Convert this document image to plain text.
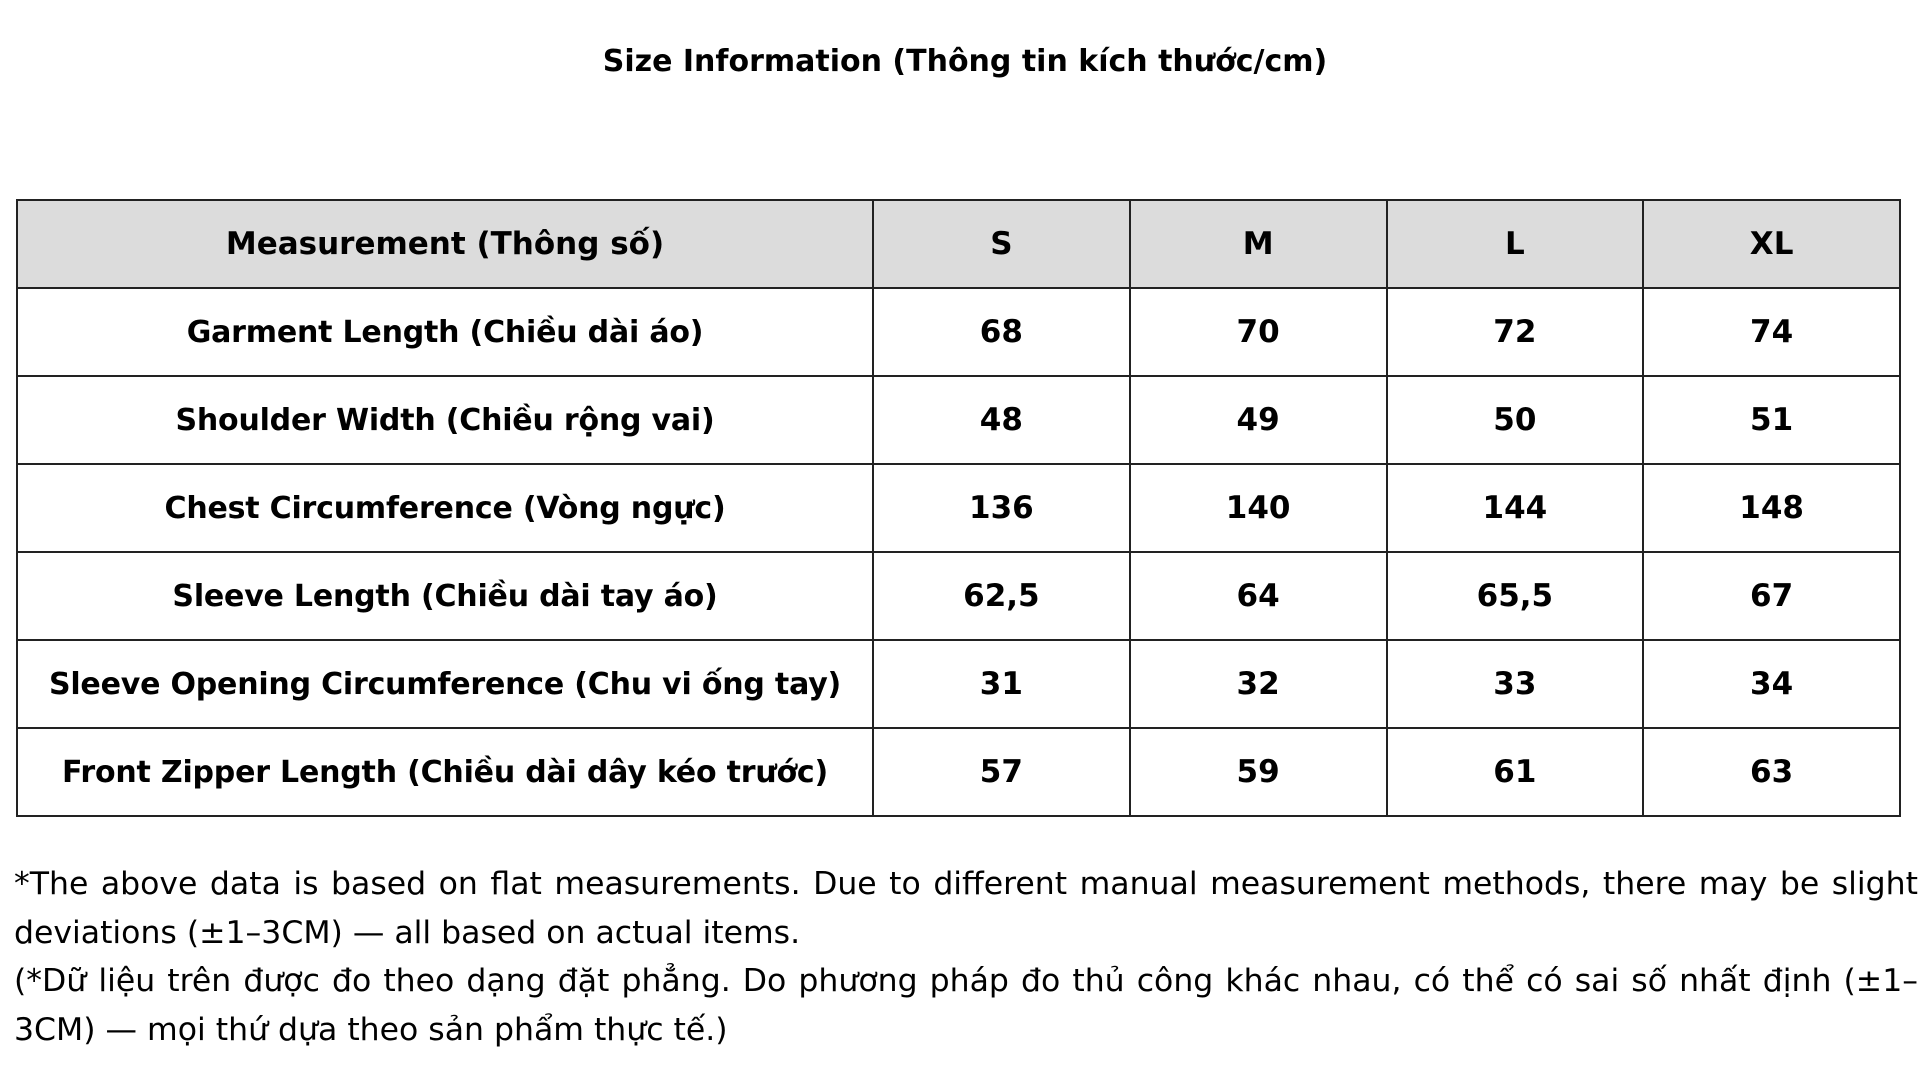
Size Information (Thông tin kích thước/cm)
Measurement (Thông số)	S	M	L	XL
Garment Length (Chiều dài áo)	68	70	72	74
Shoulder Width (Chiều rộng vai)	48	49	50	51
Chest Circumference (Vòng ngực)	136	140	144	148
Sleeve Length (Chiều dài tay áo)	62,5	64	65,5	67
Sleeve Opening Circumference (Chu vi ống tay)	31	32	33	34
Front Zipper Length (Chiều dài dây kéo trước)	57	59	61	63

*The above data is based on flat measurements. Due to different manual measurement methods, there may be slight deviations (±1–3CM) — all based on actual items.

(*Dữ liệu trên được đo theo dạng đặt phẳng. Do phương pháp đo thủ công khác nhau, có thể có sai số nhất định (±1–3CM) — mọi thứ dựa theo sản phẩm thực tế.)
